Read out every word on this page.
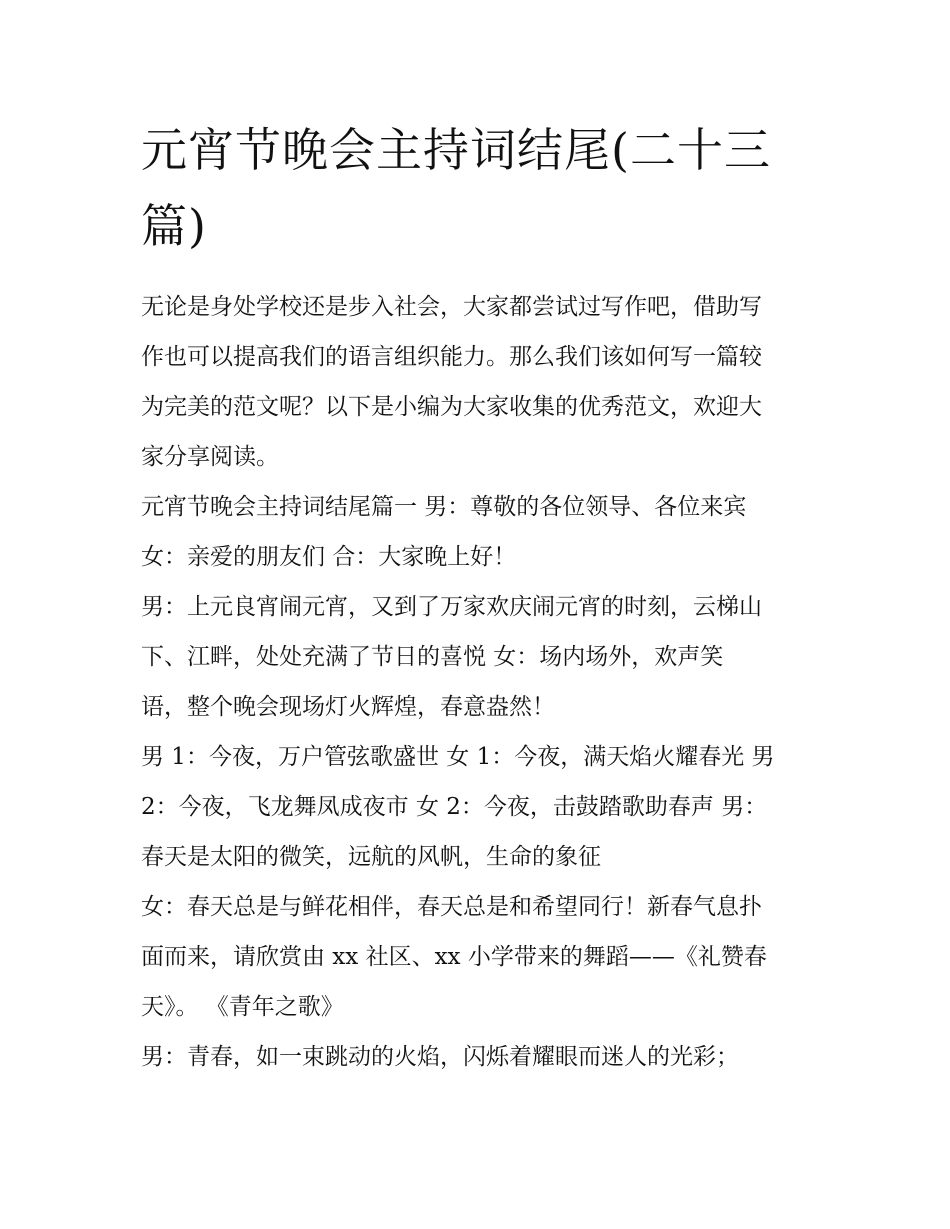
元宵节晚会主持词结尾(二十三
篇)

无论是身处学校还是步入社会，大家都尝试过写作吧，借助写
作也可以提高我们的语言组织能力。那么我们该如何写一篇较
为完美的范文呢？以下是小编为大家收集的优秀范文，欢迎大
家分享阅读。

元宵节晚会主持词结尾篇一 男：尊敬的各位领导、各位来宾
女：亲爱的朋友们 合：大家晚上好！

男：上元良宵闹元宵，又到了万家欢庆闹元宵的时刻，云梯山
下、江畔，处处充满了节日的喜悦 女：场内场外，欢声笑
语，整个晚会现场灯火辉煌，春意盎然！

男 1：今夜，万户管弦歌盛世 女 1：今夜，满天焰火耀春光 男
2：今夜，飞龙舞凤成夜市 女 2：今夜，击鼓踏歌助春声 男：
春天是太阳的微笑，远航的风帆，生命的象征

女：春天总是与鲜花相伴，春天总是和希望同行！新春气息扑
面而来，请欣赏由 xx 社区、xx 小学带来的舞蹈——《礼赞春
天》。 《青年之歌》

男：青春，如一束跳动的火焰，闪烁着耀眼而迷人的光彩；
